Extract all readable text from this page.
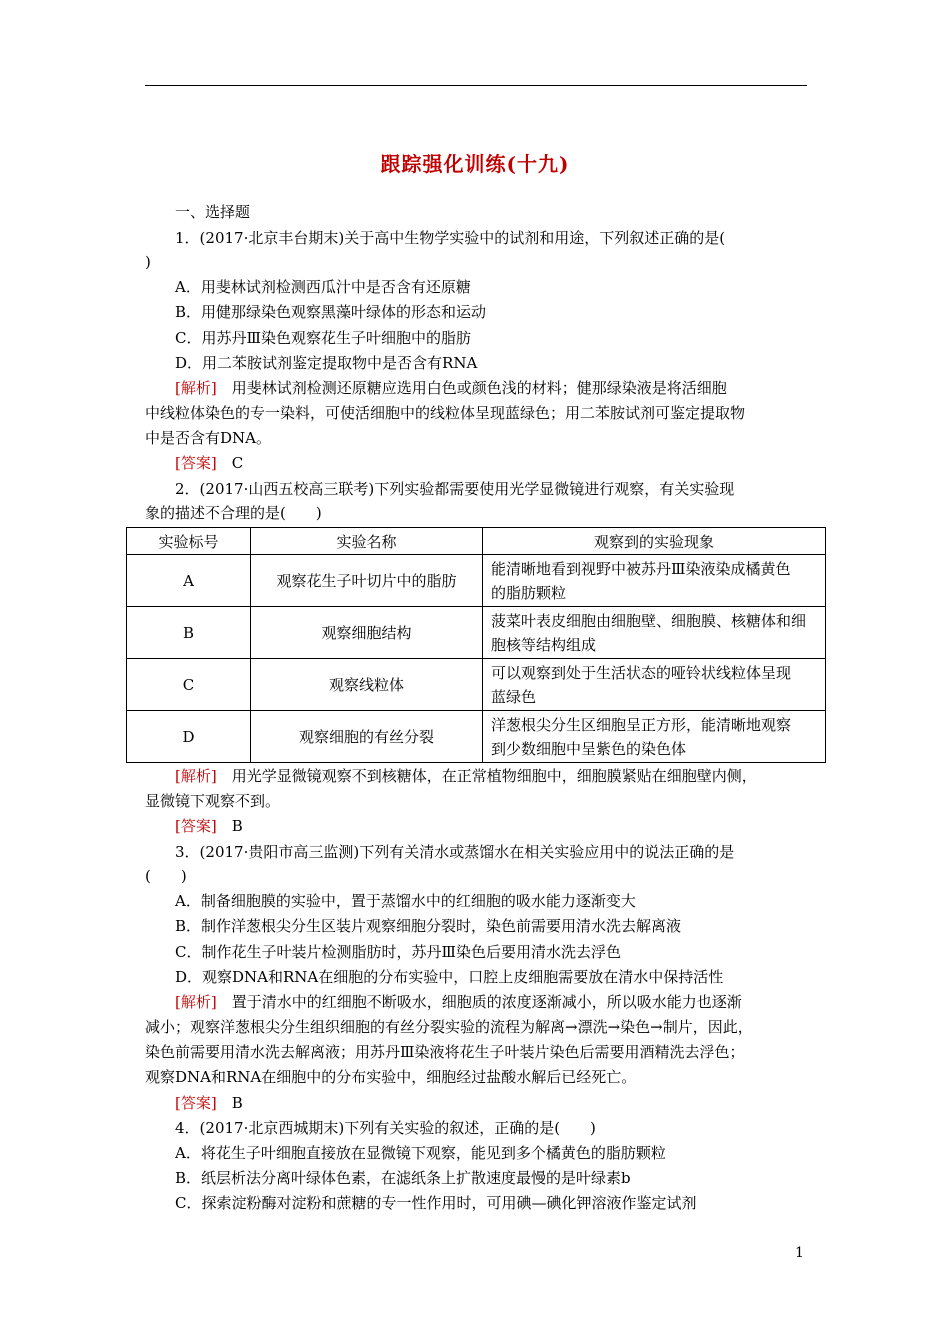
跟踪强化训练(十九)
一、选择题
1．(2017·北京丰台期末)关于高中生物学实验中的试剂和用途，下列叙述正确的是(
)
A．用斐林试剂检测西瓜汁中是否含有还原糖
B．用健那绿染色观察黑藻叶绿体的形态和运动
C．用苏丹Ⅲ染色观察花生子叶细胞中的脂肪
D．用二苯胺试剂鉴定提取物中是否含有RNA
[解析]　用斐林试剂检测还原糖应选用白色或颜色浅的材料；健那绿染液是将活细胞
中线粒体染色的专一染料，可使活细胞中的线粒体呈现蓝绿色；用二苯胺试剂可鉴定提取物
中是否含有DNA。
[答案]　C
2．(2017·山西五校高三联考)下列实验都需要使用光学显微镜进行观察，有关实验现
象的描述不合理的是(　　)
实验标号	实验名称	观察到的实验现象
A	观察花生子叶切片中的脂肪	能清晰地看到视野中被苏丹Ⅲ染液染成橘黄色
的脂肪颗粒

B	观察细胞结构	菠菜叶表皮细胞由细胞壁、细胞膜、核糖体和细
胞核等结构组成

C	观察线粒体	可以观察到处于生活状态的哑铃状线粒体呈现
蓝绿色

D	观察细胞的有丝分裂	洋葱根尖分生区细胞呈正方形，能清晰地观察
到少数细胞中呈紫色的染色体
[解析]　用光学显微镜观察不到核糖体，在正常植物细胞中，细胞膜紧贴在细胞壁内侧，
显微镜下观察不到。
[答案]　B
3．(2017·贵阳市高三监测)下列有关清水或蒸馏水在相关实验应用中的说法正确的是
(　　)
A．制备细胞膜的实验中，置于蒸馏水中的红细胞的吸水能力逐渐变大
B．制作洋葱根尖分生区装片观察细胞分裂时，染色前需要用清水洗去解离液
C．制作花生子叶装片检测脂肪时，苏丹Ⅲ染色后要用清水洗去浮色
D．观察DNA和RNA在细胞的分布实验中，口腔上皮细胞需要放在清水中保持活性
[解析]　置于清水中的红细胞不断吸水，细胞质的浓度逐渐减小，所以吸水能力也逐渐
减小；观察洋葱根尖分生组织细胞的有丝分裂实验的流程为解离→漂洗→染色→制片，因此，
染色前需要用清水洗去解离液；用苏丹Ⅲ染液将花生子叶装片染色后需要用酒精洗去浮色；
观察DNA和RNA在细胞中的分布实验中，细胞经过盐酸水解后已经死亡。
[答案]　B
4．(2017·北京西城期末)下列有关实验的叙述，正确的是(　　)
A．将花生子叶细胞直接放在显微镜下观察，能见到多个橘黄色的脂肪颗粒
B．纸层析法分离叶绿体色素，在滤纸条上扩散速度最慢的是叶绿素b
C．探索淀粉酶对淀粉和蔗糖的专一性作用时，可用碘—碘化钾溶液作鉴定试剂
1
